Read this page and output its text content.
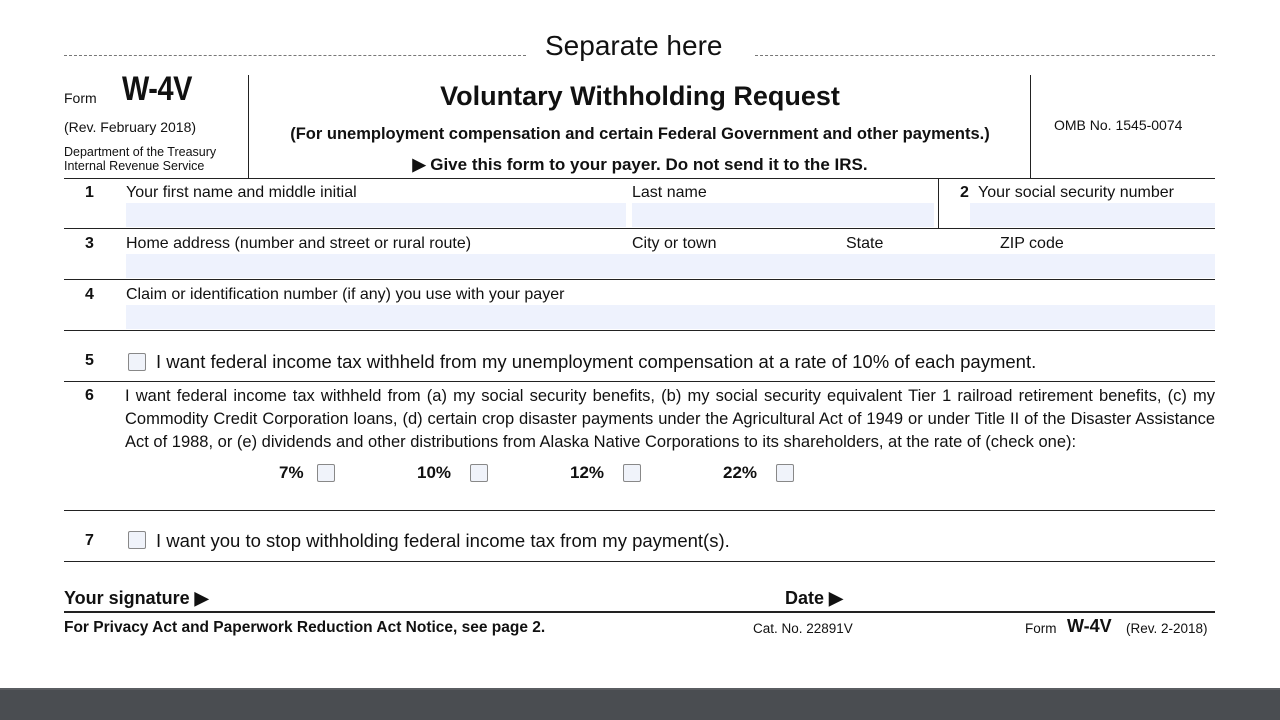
Separate here
Form W-4V
(Rev. February 2018)
Department of the Treasury
Internal Revenue Service
Voluntary Withholding Request
(For unemployment compensation and certain Federal Government and other payments.)
▶ Give this form to your payer. Do not send it to the IRS.
OMB No. 1545-0074
1 Your first name and middle initial	Last name	2 Your social security number
3 Home address (number and street or rural route)	City or town	State	ZIP code
4 Claim or identification number (if any) you use with your payer
5	I want federal income tax withheld from my unemployment compensation at a rate of 10% of each payment.
6 I want federal income tax withheld from (a) my social security benefits, (b) my social security equivalent Tier 1 railroad retirement benefits, (c) my Commodity Credit Corporation loans, (d) certain crop disaster payments under the Agricultural Act of 1949 or under Title II of the Disaster Assistance Act of 1988, or (e) dividends and other distributions from Alaska Native Corporations to its shareholders, at the rate of (check one):
7%	10%	12%	22%
7	I want you to stop withholding federal income tax from my payment(s).
Your signature ▶	Date ▶
For Privacy Act and Paperwork Reduction Act Notice, see page 2.	Cat. No. 22891V	Form W-4V (Rev. 2-2018)
